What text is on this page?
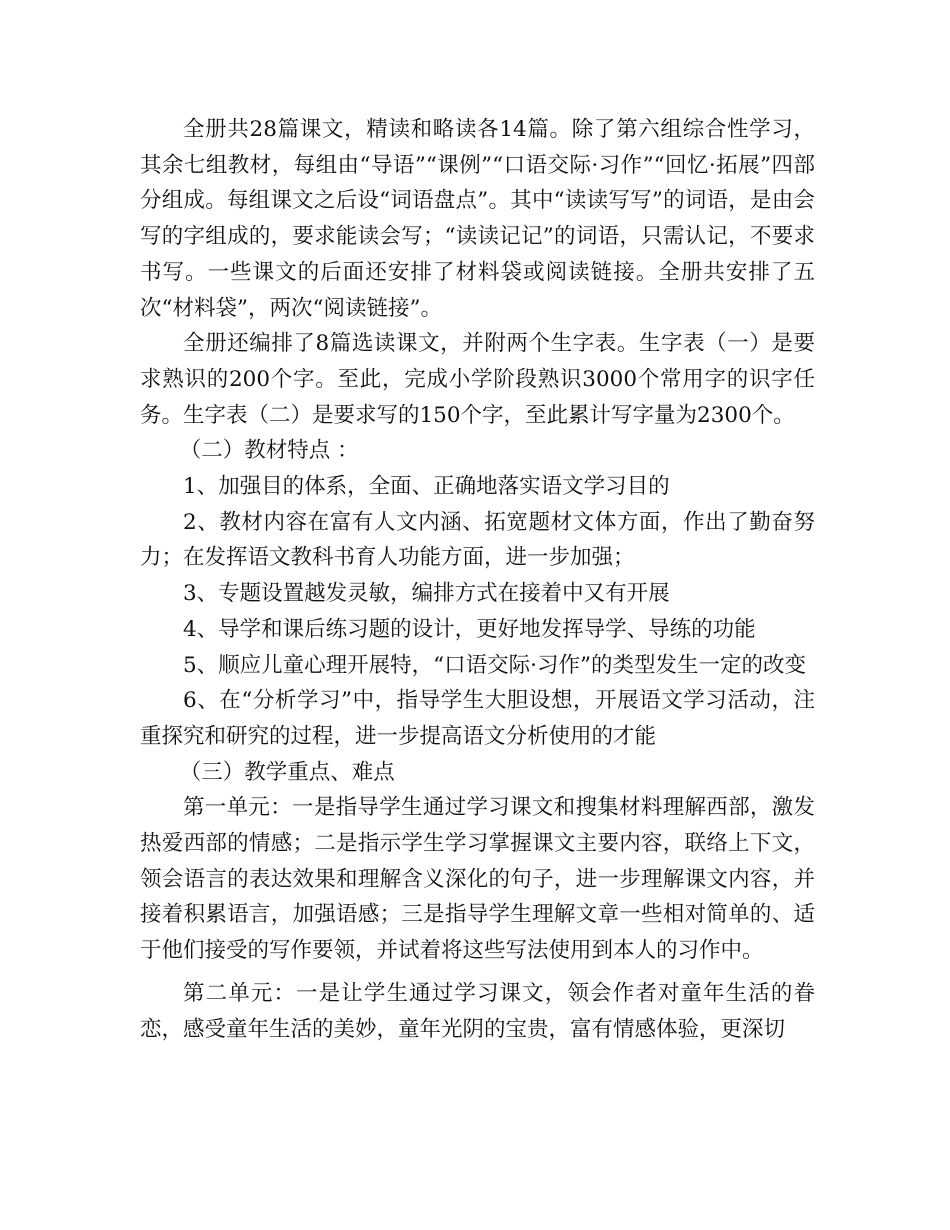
全册共28篇课文，精读和略读各14篇。除了第六组综合性学习，其余七组教材，每组由“导语”“课例”“口语交际·习作”“回忆·拓展”四部分组成。每组课文之后设“词语盘点”。其中“读读写写”的词语，是由会写的字组成的，要求能读会写；“读读记记”的词语，只需认记，不要求书写。一些课文的后面还安排了材料袋或阅读链接。全册共安排了五次“材料袋”，两次“阅读链接”。

全册还编排了8篇选读课文，并附两个生字表。生字表（一）是要求熟识的200个字。至此，完成小学阶段熟识3000个常用字的识字任务。生字表（二）是要求写的150个字，至此累计写字量为2300个。

（二）教材特点 ：

1、加强目的体系，全面、正确地落实语文学习目的

2、教材内容在富有人文内涵、拓宽题材文体方面，作出了勤奋努力；在发挥语文教科书育人功能方面，进一步加强；

3、专题设置越发灵敏，编排方式在接着中又有开展

4、导学和课后练习题的设计，更好地发挥导学、导练的功能

5、顺应儿童心理开展特，“口语交际·习作”的类型发生一定的改变

6、在“分析学习”中，指导学生大胆设想，开展语文学习活动，注重探究和研究的过程，进一步提高语文分析使用的才能

（三）教学重点、难点

第一单元：一是指导学生通过学习课文和搜集材料理解西部，激发热爱西部的情感；二是指示学生学习掌握课文主要内容，联络上下文，领会语言的表达效果和理解含义深化的句子，进一步理解课文内容，并接着积累语言，加强语感；三是指导学生理解文章一些相对简单的、适于他们接受的写作要领，并试着将这些写法使用到本人的习作中。

第二单元：一是让学生通过学习课文，领会作者对童年生活的眷恋，感受童年生活的美妙，童年光阴的宝贵，富有情感体验，更深切
